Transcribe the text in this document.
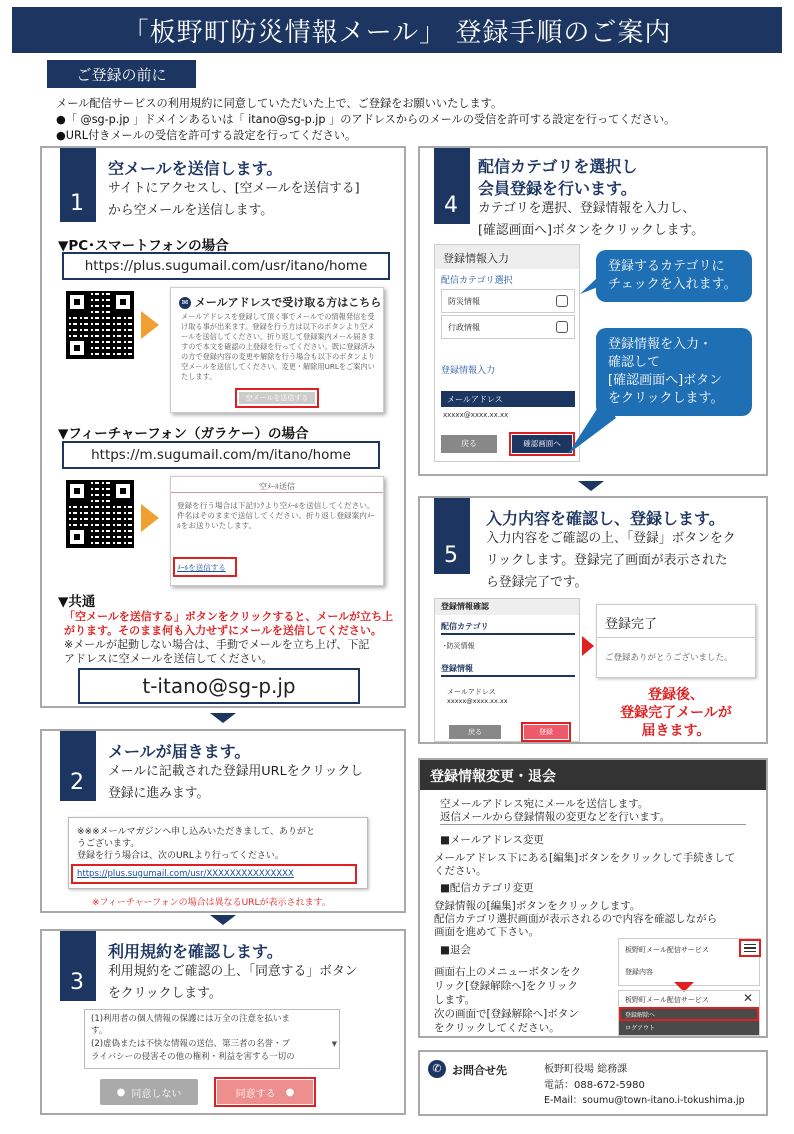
「板野町防災情報メール」 登録手順のご案内
ご登録の前に
メール配信サービスの利用規約に同意していただいた上で、ご登録をお願いいたします。
●「 @sg-p.jp 」ドメインあるいは「 itano@sg-p.jp 」のアドレスからのメールの受信を許可する設定を行ってください。
●URL付きメールの受信を許可する設定を行ってください。
1
空メールを送信します。
サイトにアクセスし、[空メールを送信する]
から空メールを送信します。
▼PC･スマートフォンの場合
https://plus.sugumail.com/usr/itano/home
✉ メールアドレスで受け取る方はこちら
メールアドレスを登録して頂く事でメールでの情報発信を受け取る事が出来ます。登録を行う方は以下のボタンより空メールを送信してください。折り返して登録案内メール届きますので本文を確認の上登録を行ってください。既に登録済みの方で登録内容の変更や解除を行う場合も以下のボタンより空メールを送信してください。変更・解除用URLをご案内いたします。
空メールを送信する
▼フィーチャーフォン（ガラケー）の場合
https://m.sugumail.com/m/itano/home
空ﾒｰﾙ送信
登録を行う場合は下記ﾘﾝｸより空ﾒｰﾙを送信してください。件名はそのままで送信してください。折り返し登録案内ﾒｰﾙをお送りいたします。
ﾒｰﾙを送信する
▼共通
「空メールを送信する」ボタンをクリックすると、メールが立ち上
がります。そのまま何も入力せずにメールを送信してください。
※メールが起動しない場合は、手動でメールを立ち上げ、下記
アドレスに空メールを送信してください。
t-itano@sg-p.jp
2
メールが届きます。
メールに記載された登録用URLをクリックし
登録に進みます。
※※※メールマガジンへ申し込みいただきまして、ありがと
うございます。
登録を行う場合は、次のURLより行ってください。
https://plus.sugumail.com/usr/XXXXXXXXXXXXXXX
※フィーチャーフォンの場合は異なるURLが表示されます。
3
利用規約を確認します。
利用規約をご確認の上、「同意する」ボタン
をクリックします。
(1)利用者の個人情報の保護には万全の注意を払いま
す。
(2)虚偽または不快な情報の送信、第三者の名誉・プ
ライバシーの侵害その他の権利・利益を害する一切の
▼
● 同意しない	同意する ●
4
配信カテゴリを選択し
会員登録を行います。
カテゴリを選択、登録情報を入力し、
[確認画面へ]ボタンをクリックします。
登録情報入力
配信カテゴリ選択
防災情報
行政情報
登録情報入力
メールアドレス
xxxxx@xxxx.xx.xx
戻る	確認画面へ
登録するカテゴリに
チェックを入れます。
登録情報を入力・
確認して
[確認画面へ]ボタン
をクリックします。
5
入力内容を確認し、登録します。
入力内容をご確認の上、「登録」ボタンをク
リックします。登録完了画面が表示された
ら登録完了です。
登録情報確認
配信カテゴリ
･防災情報
登録情報
メールアドレス
xxxxx@xxxx.xx.xx
戻る	登録
登録完了
ご登録ありがとうございました。
登録後、
登録完了メールが
届きます。
登録情報変更・退会
空メールアドレス宛にメールを送信します。
返信メールから登録情報の変更などを行います。
■メールアドレス変更
メールアドレス下にある[編集]ボタンをクリックして手続きして
ください。
■配信カテゴリ変更
登録情報の[編集]ボタンをクリックします。
配信カテゴリ選択画面が表示されるので内容を確認しながら
画面を進めて下さい。
■退会
画面右上のメニューボタンをク
リック[登録解除へ]をクリック
します。
次の画面で[登録解除へ]ボタン
をクリックしてください。
板野町メール配信サービス
登録内容
板野町メール配信サービス	✕
登録解除へ
ログアウト
✆ お問合せ先	板野町役場 総務課
電話：088-672-5980
E-Mail：soumu@town-itano.i-tokushima.jp
